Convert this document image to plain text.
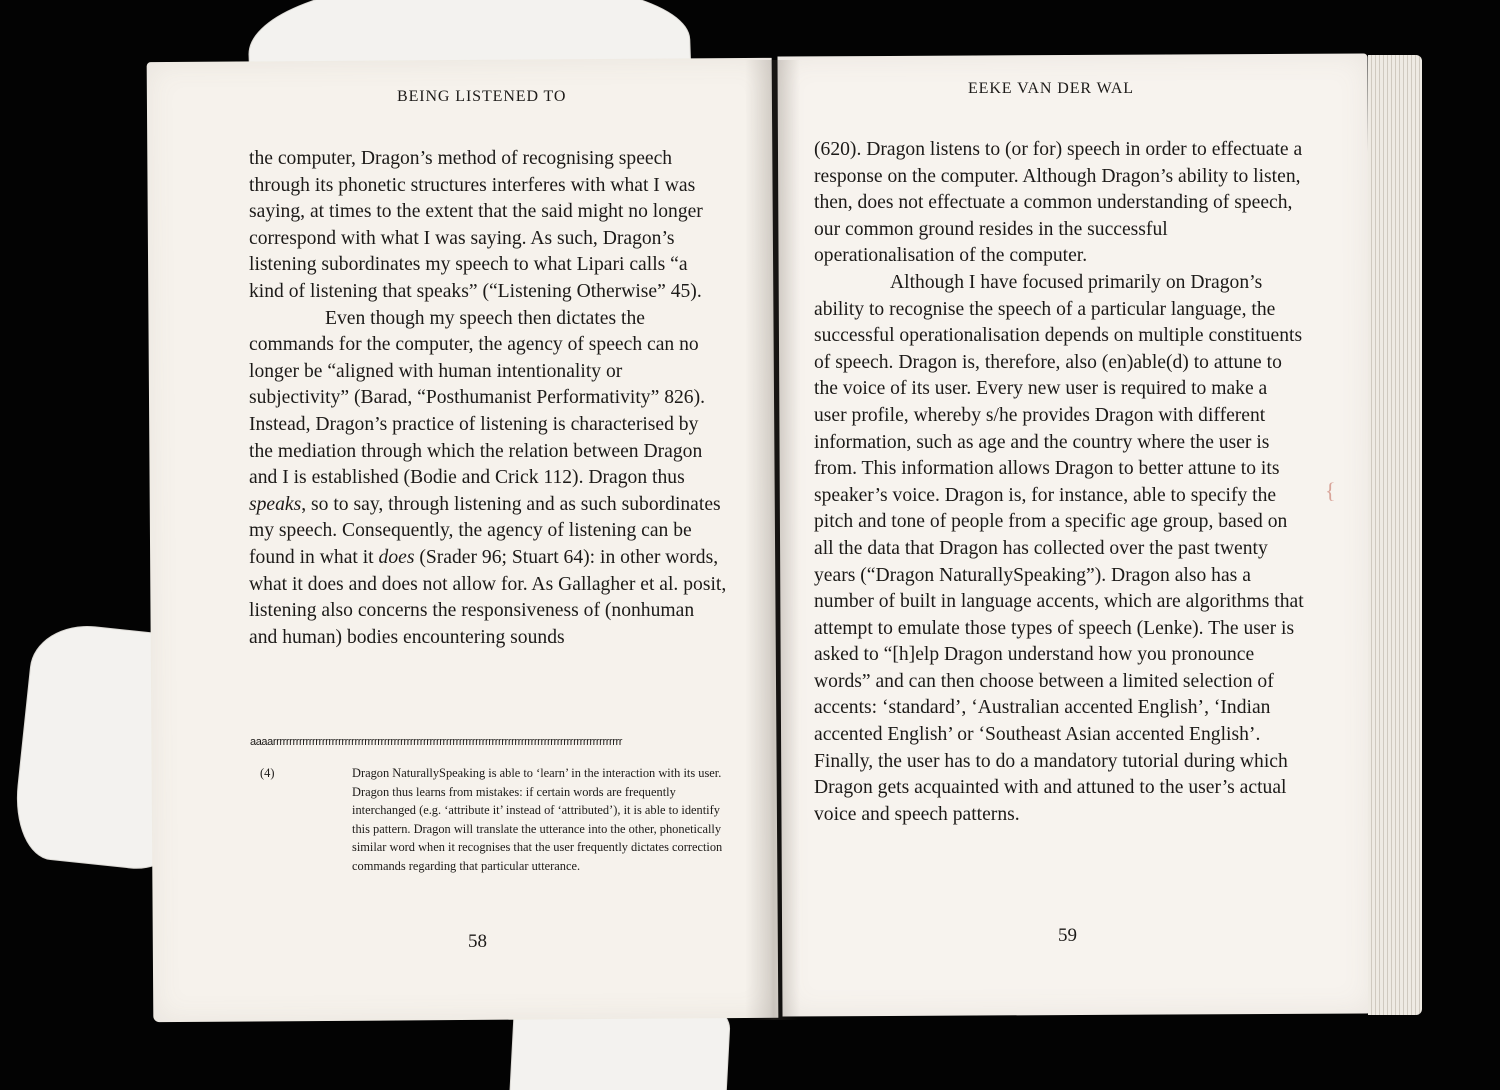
{
BEING LISTENED TO

the computer, Dragon’s method of recognising speech through its phonetic structures interferes with what I was saying, at times to the extent that the said might no longer correspond with what I was saying. As such, Dragon’s listening subordinates my speech to what Lipari calls “a kind of listening that speaks” (“Listening Otherwise” 45).

Even though my speech then dictates the commands for the computer, the agency of speech can no longer be “aligned with human intentionality or subjectivity” (Barad, “Posthumanist Performativity” 826). Instead, Dragon’s practice of listening is characterised by the mediation through which the relation between Dragon and I is established (Bodie and Crick 112). Dragon thus speaks, so to say, through listening and as such subordinates my speech. Consequently, the agency of listening can be found in what it does (Srader 96; Stuart 64): in other words, what it does and does not allow for. As Gallagher et al. posit, listening also concerns the responsiveness of (nonhuman and human) bodies encountering sounds

aaaarrrrrrrrrrrrrrrrrrrrrrrrrrrrrrrrrrrrrrrrrrrrrrrrrrrrrrrrrrrrrrrrrrrrrrrrrrrrrrrrrrrrrrrrrrrrrrrrrrrrrrrrrrr
(4)	Dragon NaturallySpeaking is able to ‘learn’ in the interaction with its user. Dragon thus learns from mistakes: if certain words are frequently interchanged (e.g. ‘attribute it’ instead of ‘attributed’), it is able to identify this pattern. Dragon will translate the utterance into the other, phonetically similar word when it recognises that the user frequently dictates correction commands regarding that particular utterance.
58
EEKE VAN DER WAL

(620). Dragon listens to (or for) speech in order to effectuate a response on the computer. Although Dragon’s ability to listen, then, does not effectuate a common understanding of speech, our common ground resides in the successful operationalisation of the computer.

Although I have focused primarily on Dragon’s ability to recognise the speech of a particular language, the successful operationalisation depends on multiple constituents of speech. Dragon is, therefore, also (en)able(d) to attune to the voice of its user. Every new user is required to make a user profile, whereby s/he provides Dragon with different information, such as age and the country where the user is from. This information allows Dragon to better attune to its speaker’s voice. Dragon is, for instance, able to specify the pitch and tone of people from a specific age group, based on all the data that Dragon has collected over the past twenty years (“Dragon NaturallySpeaking”). Dragon also has a number of built in language accents, which are algorithms that attempt to emulate those types of speech (Lenke). The user is asked to “[h]elp Dragon understand how you pronounce words” and can then choose between a limited selection of accents: ‘standard’, ‘Australian accented English’, ‘Indian accented English’ or ‘Southeast Asian accented English’. Finally, the user has to do a mandatory tutorial during which Dragon gets acquainted with and attuned to the user’s actual voice and speech patterns.

59
